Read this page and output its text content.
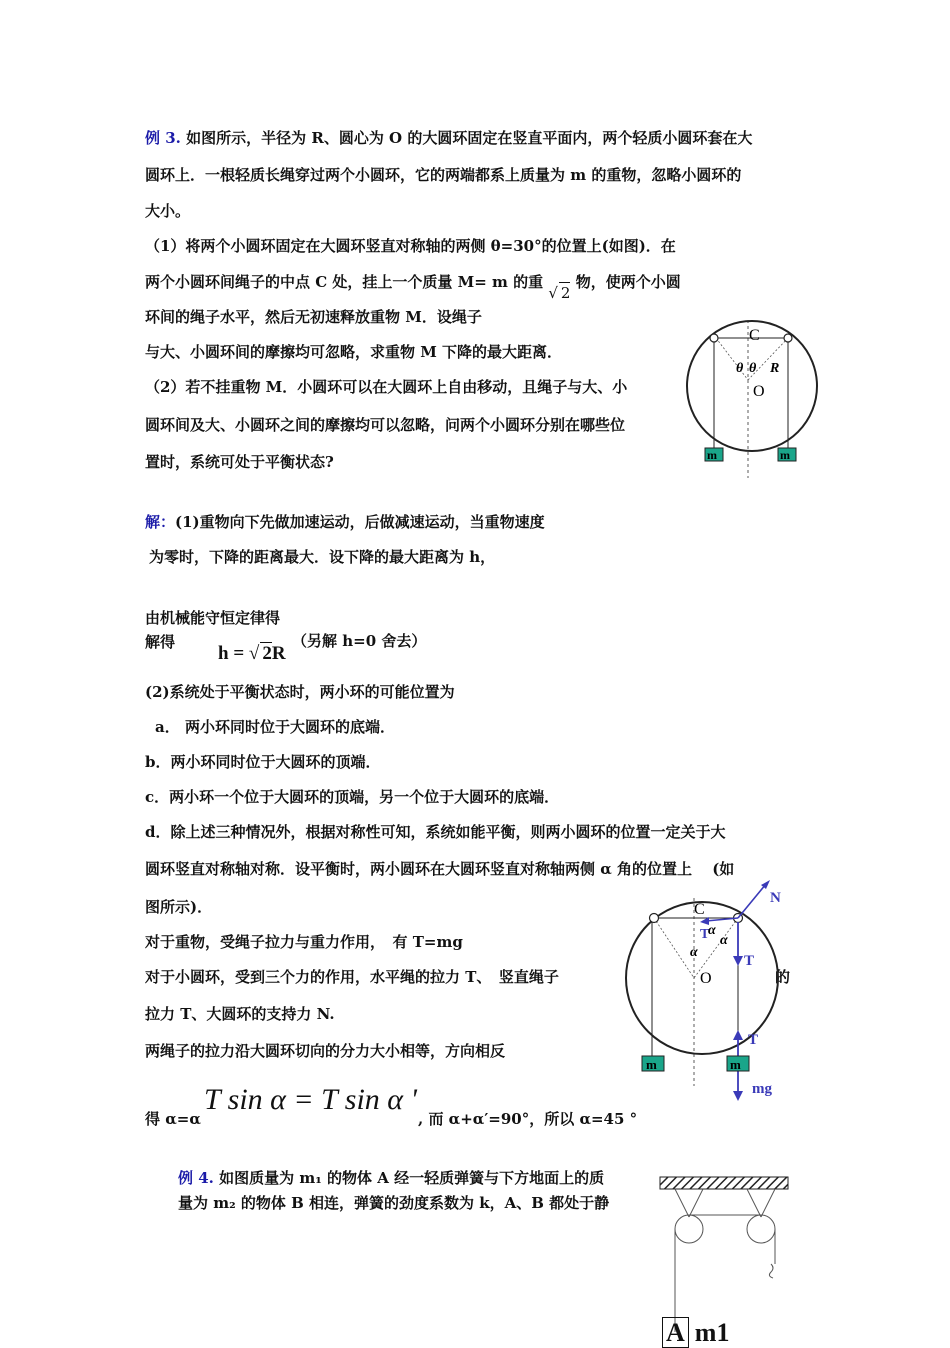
例 3. 如图所示，半径为 R、圆心为 O 的大圆环固定在竖直平面内，两个轻质小圆环套在大
圆环上．一根轻质长绳穿过两个小圆环，它的两端都系上质量为 m 的重物，忽略小圆环的
大小。
（1）将两个小圆环固定在大圆环竖直对称轴的两侧 θ=30°的位置上(如图)．在
两个小圆环间绳子的中点 C 处，挂上一个质量 M= m 的重 √ 2 物，使两个小圆
环间的绳子水平，然后无初速释放重物 M．设绳子
与大、小圆环间的摩擦均可忽略，求重物 M 下降的最大距离．
（2）若不挂重物 M．小圆环可以在大圆环上自由移动，且绳子与大、小
圆环间及大、小圆环之间的摩擦均可以忽略，问两个小圆环分别在哪些位
置时，系统可处于平衡状态?
C
θ θ R
O
m	m
解：(1)重物向下先做加速运动，后做减速运动，当重物速度
为零时，下降的距离最大．设下降的最大距离为 h，
由机械能守恒定律得
解得
h = √ 2R
（另解 h=0 舍去）
(2)系统处于平衡状态时，两小环的可能位置为
a． 两小环同时位于大圆环的底端．
b．两小环同时位于大圆环的顶端．
c．两小环一个位于大圆环的顶端，另一个位于大圆环的底端．
d．除上述三种情况外，根据对称性可知，系统如能平衡，则两小圆环的位置一定关于大
圆环竖直对称轴对称．设平衡时，两小圆环在大圆环竖直对称轴两侧 α 角的位置上 　(如
图所示)．
对于重物，受绳子拉力与重力作用，　有 T=mg
对于小圆环，受到三个力的作用，水平绳的拉力 T、　竖直绳子	的
拉力 T、大圆环的支持力 N.
两绳子的拉力沿大圆环切向的分力大小相等，方向相反
得 α=α
T sin α = T sin α '
, 而 α+α′=90°，所以 α=45 °
C
N
T
α
α
α
T
O
T
m	m
mg
例 4. 如图质量为 m₁ 的物体 A 经一轻质弹簧与下方地面上的质
量为 m₂ 的物体 B 相连，弹簧的劲度系数为 k，A、B 都处于静
A m1
